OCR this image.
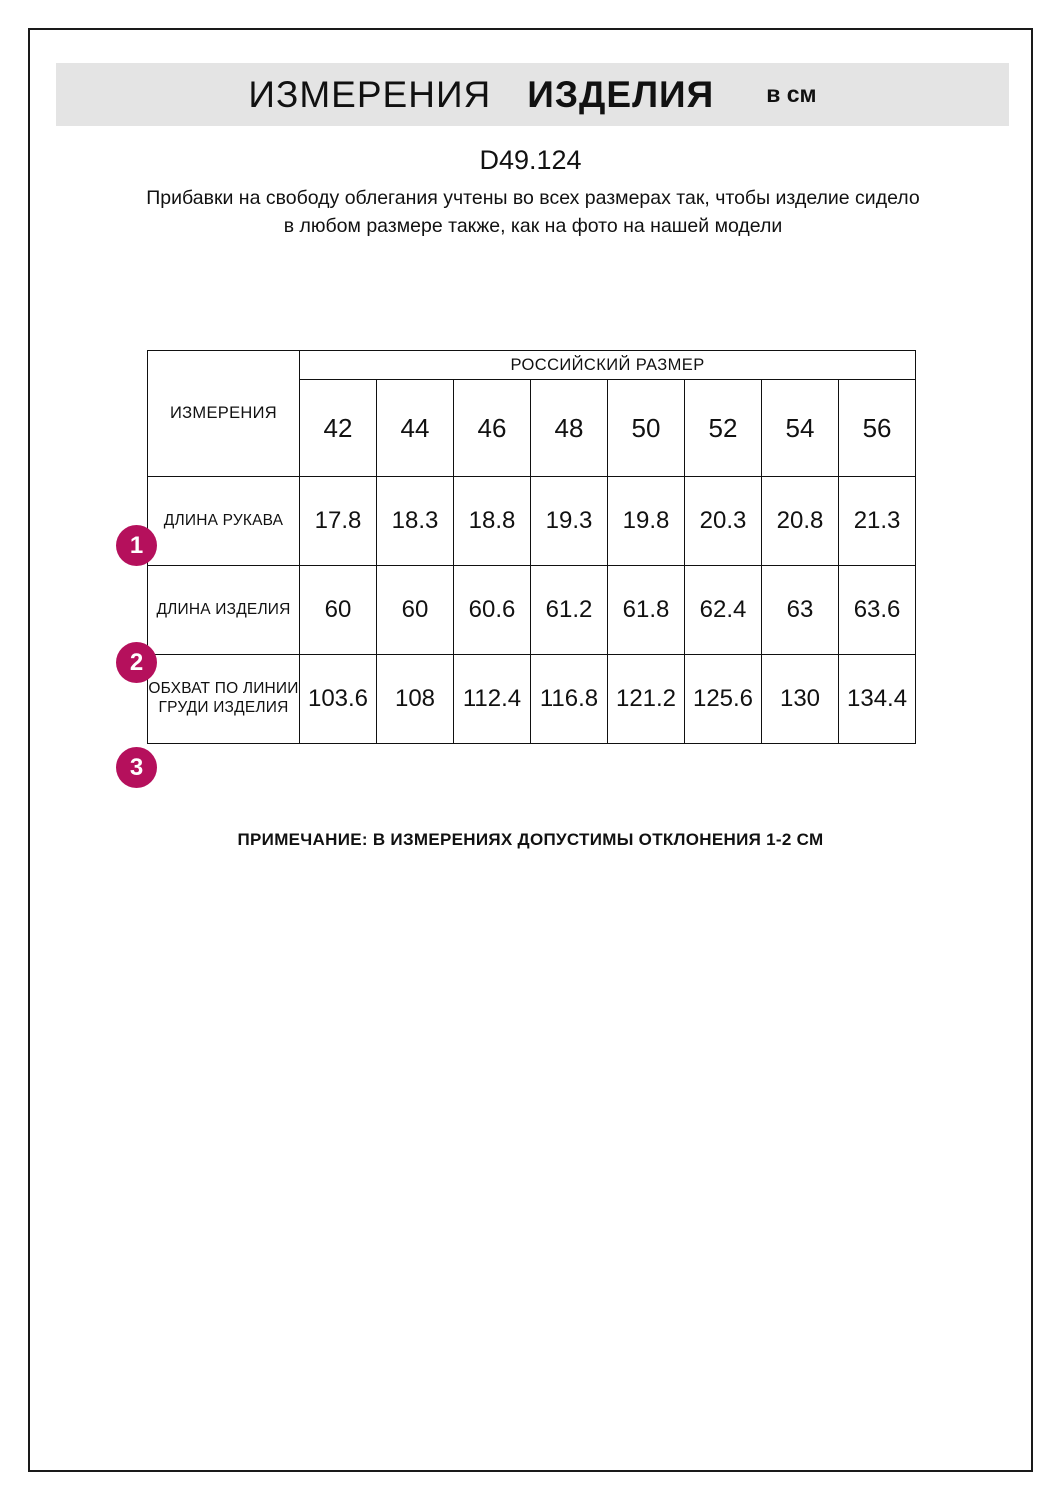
ИЗМЕРЕНИЯ ИЗДЕЛИЯ в см
D49.124
Прибавки на свободу облегания учтены во всех размерах так, чтобы изделие сидело в любом размере также, как на фото на нашей модели
ИЗМЕРЕНИЯ	РОССИЙСКИЙ РАЗМЕР							
	42	44	46	48	50	52	54	56
ДЛИНА РУКАВА	17.8	18.3	18.8	19.3	19.8	20.3	20.8	21.3
ДЛИНА ИЗДЕЛИЯ	60	60	60.6	61.2	61.8	62.4	63	63.6
ОБХВАТ ПО ЛИНИИ ГРУДИ ИЗДЕЛИЯ	103.6	108	112.4	116.8	121.2	125.6	130	134.4
1
2
3
ПРИМЕЧАНИЕ: В ИЗМЕРЕНИЯХ ДОПУСТИМЫ ОТКЛОНЕНИЯ 1-2 СМ
